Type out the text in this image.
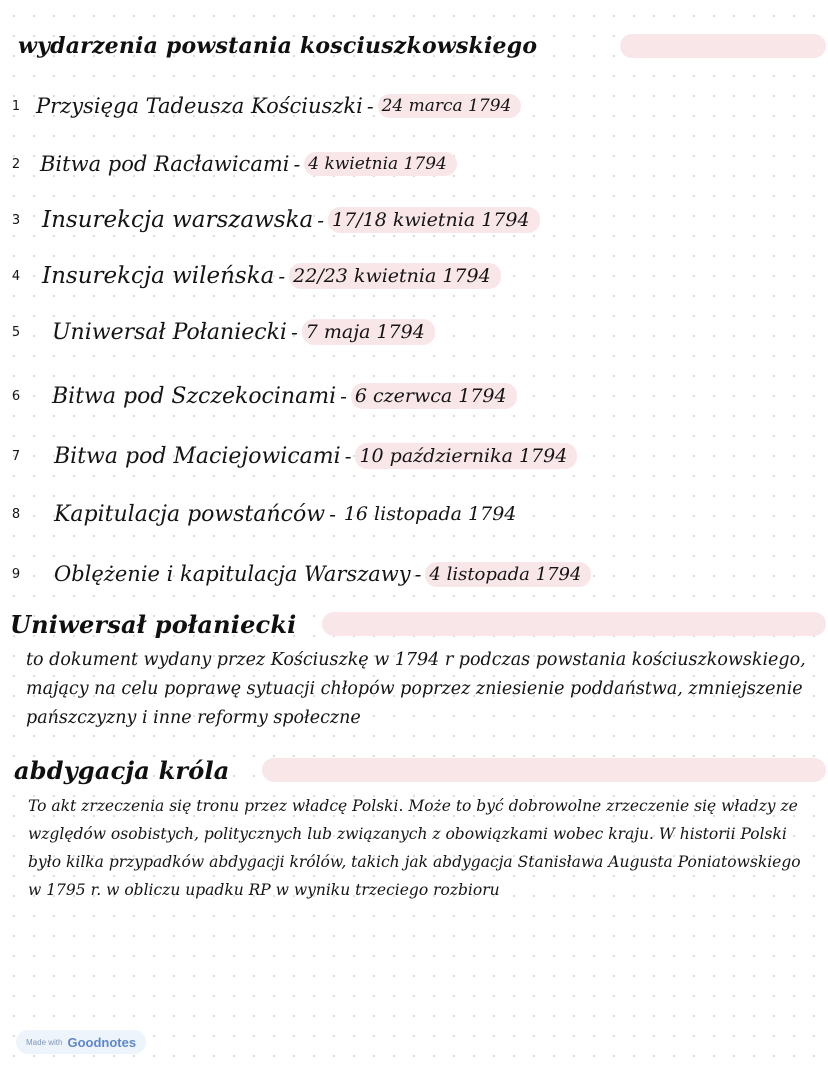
wydarzenia powstania kosciuszkowskiego
1 Przysięga Tadeusza Kościuszki - 24 marca 1794
2 Bitwa pod Racławicami - 4 kwietnia 1794
3 Insurekcja warszawska - 17/18 kwietnia 1794
4 Insurekcja wileńska - 22/23 kwietnia 1794
5 Uniwersał Połaniecki - 7 maja 1794
6 Bitwa pod Szczekocinami - 6 czerwca 1794
7 Bitwa pod Maciejowicami - 10 października 1794
8 Kapitulacja powstańców - 16 listopada 1794
9 Oblężenie i kapitulacja Warszawy - 4 listopada 1794
Uniwersał połaniecki

to dokument wydany przez Kościuszkę w 1794 r podczas powstania kościuszkowskiego, mający na celu poprawę sytuacji chłopów poprzez zniesienie poddaństwa, zmniejszenie pańszczyzny i inne reformy społeczne

abdygacja króla

To akt zrzeczenia się tronu przez władcę Polski. Może to być dobrowolne zrzeczenie się władzy ze względów osobistych, politycznych lub związanych z obowiązkami wobec kraju. W historii Polski było kilka przypadków abdygacji królów, takich jak abdygacja Stanisława Augusta Poniatowskiego w 1795 r. w obliczu upadku RP w wyniku trzeciego rozbioru

Made with Goodnotes
